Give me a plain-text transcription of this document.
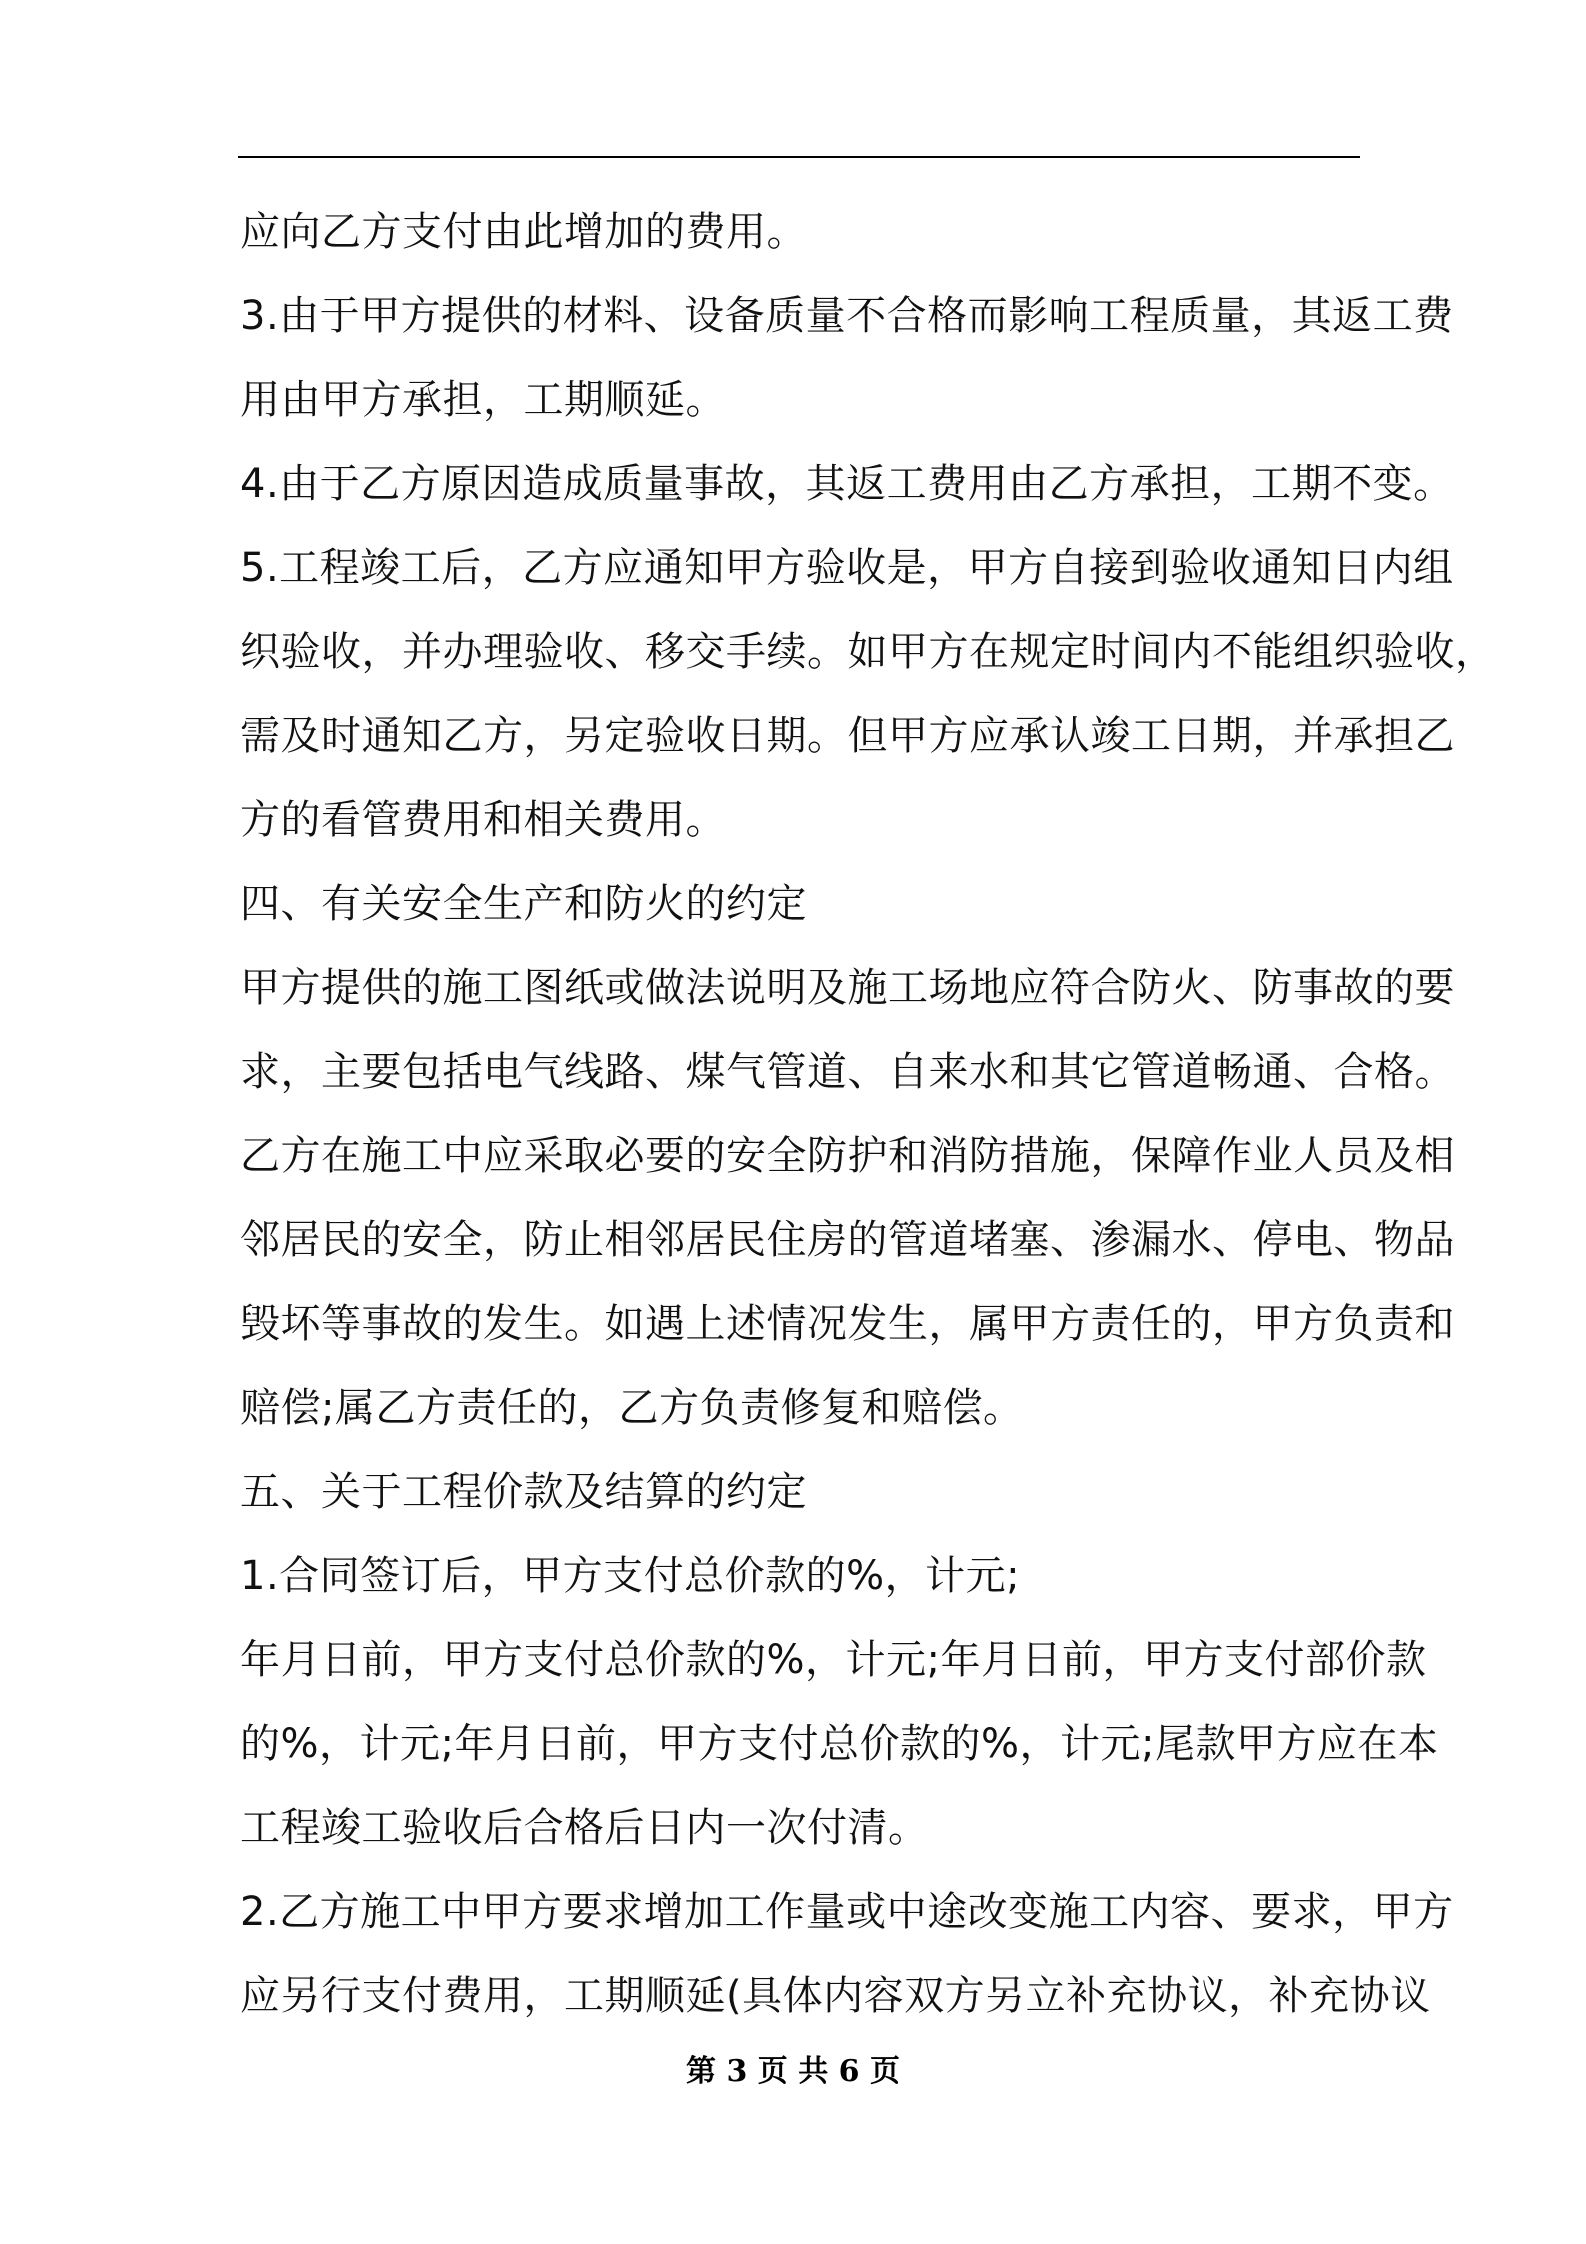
应向乙方支付由此增加的费用。
3.由于甲方提供的材料、设备质量不合格而影响工程质量，其返工费
用由甲方承担，工期顺延。
4.由于乙方原因造成质量事故，其返工费用由乙方承担，工期不变。
5.工程竣工后，乙方应通知甲方验收是，甲方自接到验收通知日内组
织验收，并办理验收、移交手续。如甲方在规定时间内不能组织验收，
需及时通知乙方，另定验收日期。但甲方应承认竣工日期，并承担乙
方的看管费用和相关费用。
四、有关安全生产和防火的约定
甲方提供的施工图纸或做法说明及施工场地应符合防火、防事故的要
求，主要包括电气线路、煤气管道、自来水和其它管道畅通、合格。
乙方在施工中应采取必要的安全防护和消防措施，保障作业人员及相
邻居民的安全，防止相邻居民住房的管道堵塞、渗漏水、停电、物品
毁坏等事故的发生。如遇上述情况发生，属甲方责任的，甲方负责和
赔偿;属乙方责任的，乙方负责修复和赔偿。
五、关于工程价款及结算的约定
1.合同签订后，甲方支付总价款的%，计元;
年月日前，甲方支付总价款的%，计元;年月日前，甲方支付部价款
的%，计元;年月日前，甲方支付总价款的%，计元;尾款甲方应在本
工程竣工验收后合格后日内一次付清。
2.乙方施工中甲方要求增加工作量或中途改变施工内容、要求，甲方
应另行支付费用，工期顺延(具体内容双方另立补充协议，补充协议
第 3 页 共 6 页
